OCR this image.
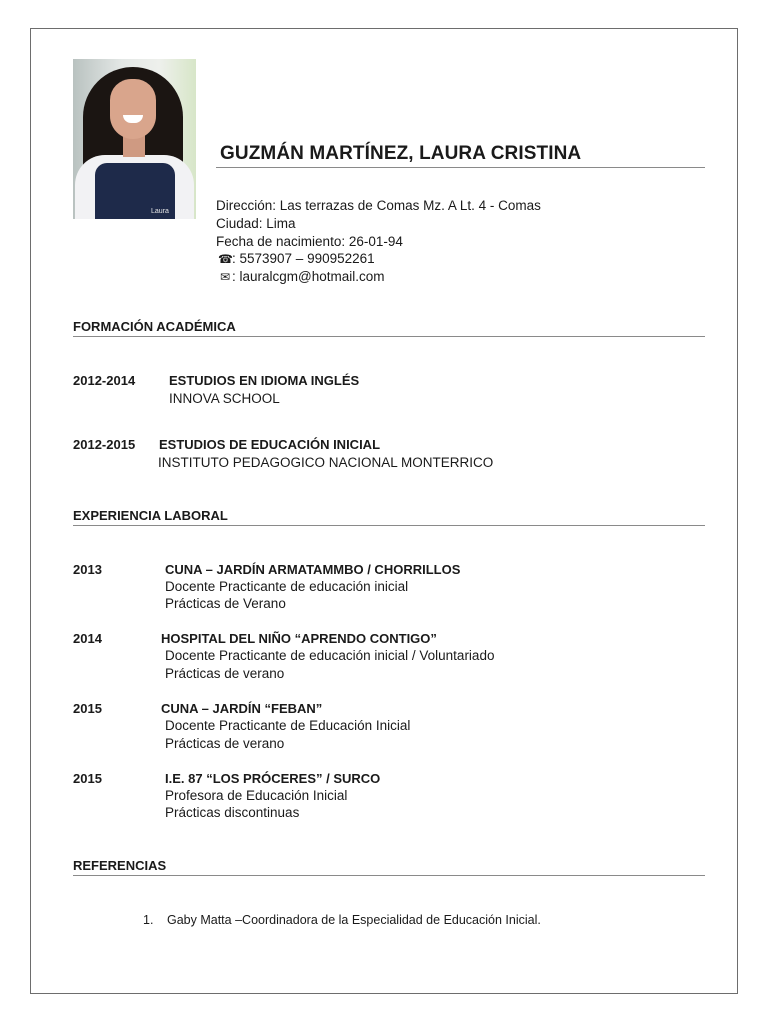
Laura
GUZMÁN MARTÍNEZ, LAURA CRISTINA
Dirección: Las terrazas de Comas Mz. A Lt. 4 - Comas
Ciudad: Lima
Fecha de nacimiento: 26-01-94
☎: 5573907 – 990952261
✉ : lauralcgm@hotmail.com
FORMACIÓN ACADÉMICA
2012-2014	ESTUDIOS EN IDIOMA INGLÉS
INNOVA SCHOOL
2012-2015 ESTUDIOS DE EDUCACIÓN INICIAL
INSTITUTO PEDAGOGICO NACIONAL MONTERRICO
EXPERIENCIA LABORAL
2013	CUNA – JARDÍN ARMATAMMBO / CHORRILLOS
Docente Practicante de educación inicial
Prácticas de Verano
2014	HOSPITAL DEL NIÑO “APRENDO CONTIGO”
Docente Practicante de educación inicial / Voluntariado
Prácticas de verano
2015	CUNA – JARDÍN “FEBAN”
Docente Practicante de Educación Inicial
Prácticas de verano
2015	I.E. 87 “LOS PRÓCERES” / SURCO
Profesora de Educación Inicial
Prácticas discontinuas
REFERENCIAS
1. Gaby Matta –Coordinadora de la Especialidad de Educación Inicial.
